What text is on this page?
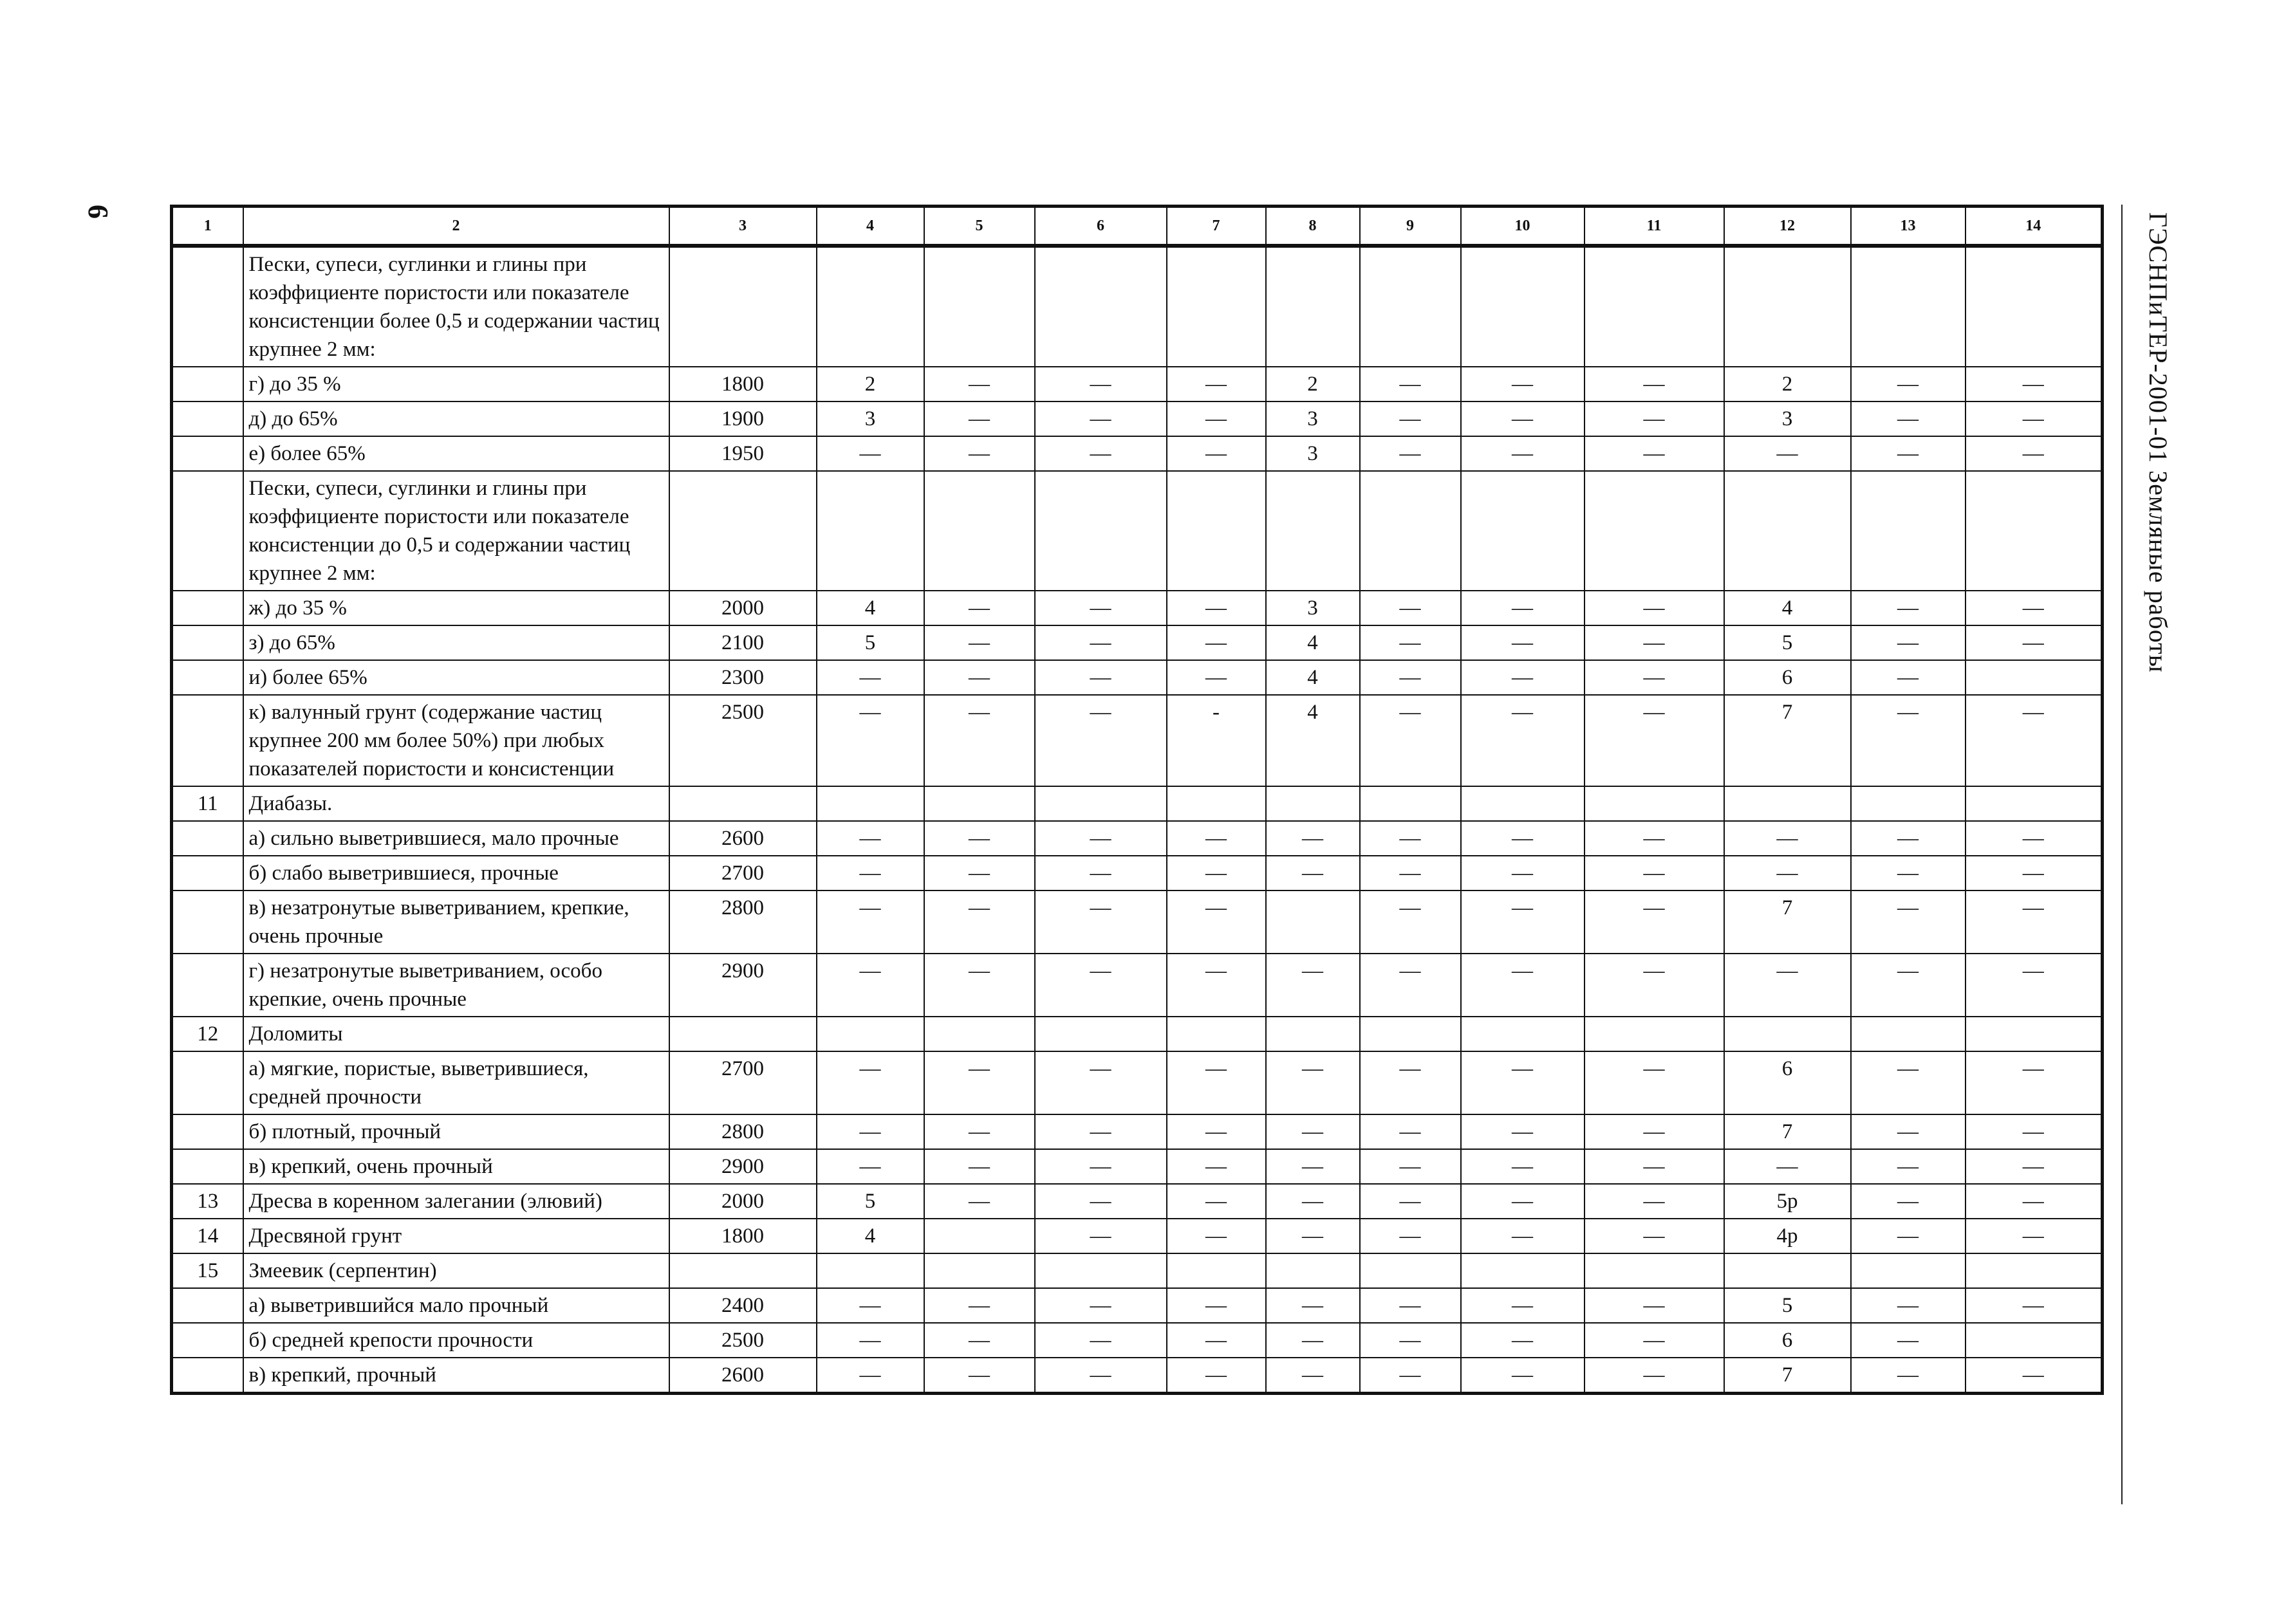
6
ГЭСНПиТЕР-2001-01 Земляные работы
1	2	3	4	5	6	7	8	9	10	11	12	13	14
	Пески, супеси, суглинки и глины при коэффициенте пористости или показателе консистенции более 0,5 и содержании частиц крупнее 2 мм:												
	г) до 35 %	1800	2	—	—	—	2	—	—	—	2	—	—
	д) до 65%	1900	3	—	—	—	3	—	—	—	3	—	—
	е) более 65%	1950	—	—	—	—	3	—	—	—	—	—	—
	Пески, супеси, суглинки и глины при коэффициенте пористости или показателе консистенции до 0,5 и содержании частиц крупнее 2 мм:												
	ж) до 35 %	2000	4	—	—	—	3	—	—	—	4	—	—
	з) до 65%	2100	5	—	—	—	4	—	—	—	5	—	—
	и) более 65%	2300	—	—	—	—	4	—	—	—	6	—	
	к) валунный грунт (содержание частиц крупнее 200 мм более 50%) при любых показателей пористости и консистенции	2500	—	—	—	-	4	—	—	—	7	—	—
11	Диабазы.												
	а) сильно выветрившиеся, мало прочные	2600	—	—	—	—	—	—	—	—	—	—	—
	б) слабо выветрившиеся, прочные	2700	—	—	—	—	—	—	—	—	—	—	—
	в) незатронутые выветриванием, крепкие, очень прочные	2800	—	—	—	—		—	—	—	7	—	—
	г) незатронутые выветриванием, особо крепкие, очень прочные	2900	—	—	—	—	—	—	—	—	—	—	—
12	Доломиты												
	а) мягкие, пористые, выветрившиеся, средней прочности	2700	—	—	—	—	—	—	—	—	6	—	—
	б) плотный, прочный	2800	—	—	—	—	—	—	—	—	7	—	—
	в) крепкий, очень прочный	2900	—	—	—	—	—	—	—	—	—	—	—
13	Дресва в коренном залегании (элювий)	2000	5	—	—	—	—	—	—	—	5р	—	—
14	Дресвяной грунт	1800	4		—	—	—	—	—	—	4р	—	—
15	Змеевик (серпентин)												
	а) выветрившийся мало прочный	2400	—	—	—	—	—	—	—	—	5	—	—
	б) средней крепости прочности	2500	—	—	—	—	—	—	—	—	6	—	
	в) крепкий, прочный	2600	—	—	—	—	—	—	—	—	7	—	—
